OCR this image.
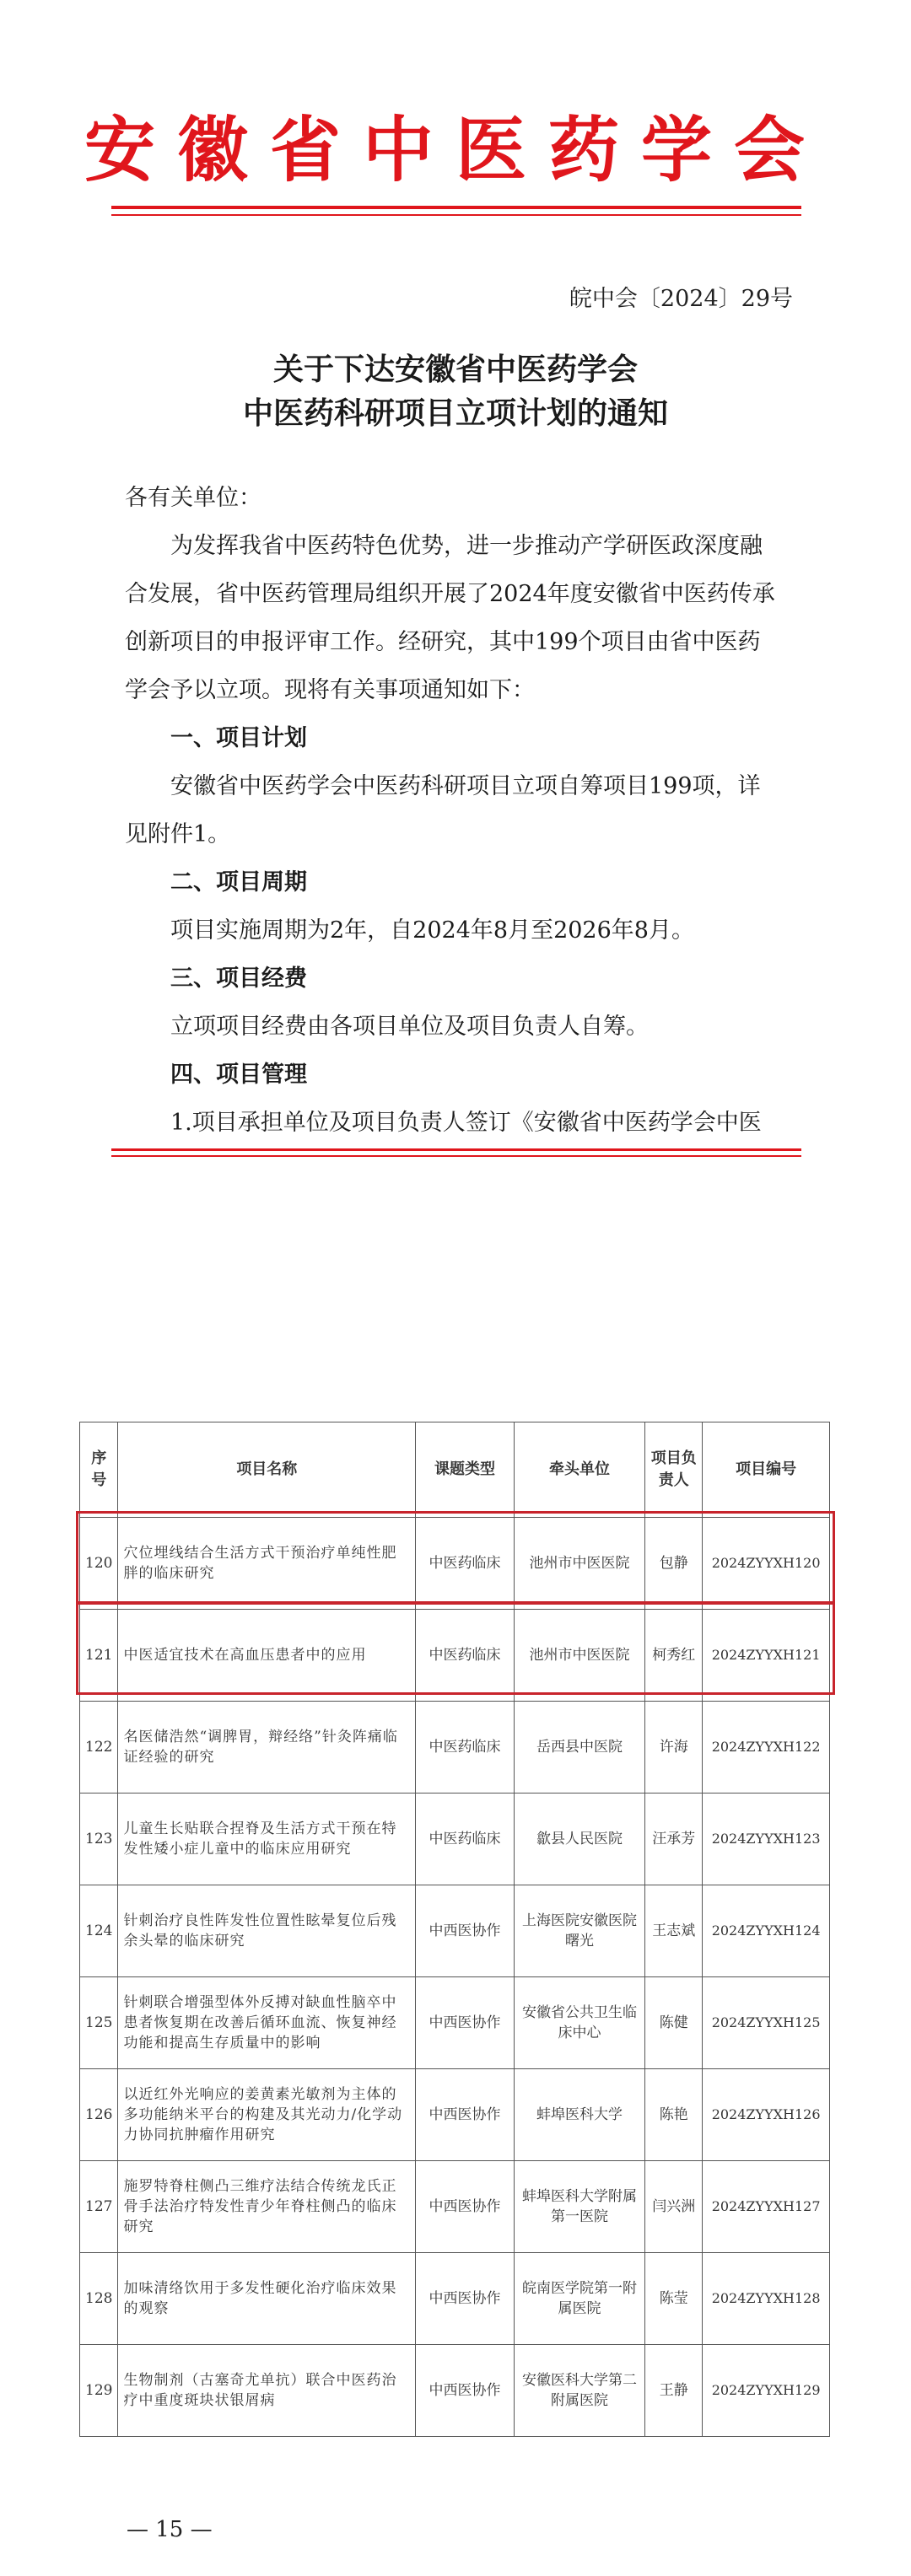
安徽省中医药学会
皖中会〔2024〕29号
关于下达安徽省中医药学会
中医药科研项目立项计划的通知

各有关单位：

为发挥我省中医药特色优势，进一步推动产学研医政深度融

合发展，省中医药管理局组织开展了2024年度安徽省中医药传承

创新项目的申报评审工作。经研究，其中199个项目由省中医药

学会予以立项。现将有关事项通知如下：

一、项目计划

安徽省中医药学会中医药科研项目立项自筹项目199项，详

见附件1。

二、项目周期

项目实施周期为2年，自2024年8月至2026年8月。

三、项目经费

立项项目经费由各项目单位及项目负责人自筹。

四、项目管理

1.项目承担单位及项目负责人签订《安徽省中医药学会中医

序号	项目名称	课题类型	牵头单位	项目负责人	项目编号
120	穴位埋线结合生活方式干预治疗单纯性肥胖的临床研究	中医药临床	池州市中医医院	包静	2024ZYYXH120
121	中医适宜技术在高血压患者中的应用	中医药临床	池州市中医医院	柯秀红	2024ZYYXH121
122	名医储浩然“调脾胃，辩经络”针灸阵痛临证经验的研究	中医药临床	岳西县中医院	许海	2024ZYYXH122
123	儿童生长贴联合捏脊及生活方式干预在特发性矮小症儿童中的临床应用研究	中医药临床	歙县人民医院	汪承芳	2024ZYYXH123
124	针刺治疗良性阵发性位置性眩晕复位后残余头晕的临床研究	中西医协作	上海医院安徽医院曙光	王志斌	2024ZYYXH124
125	针刺联合增强型体外反搏对缺血性脑卒中患者恢复期在改善后循环血流、恢复神经功能和提高生存质量中的影响	中西医协作	安徽省公共卫生临床中心	陈健	2024ZYYXH125
126	以近红外光响应的姜黄素光敏剂为主体的多功能纳米平台的构建及其光动力/化学动力协同抗肿瘤作用研究	中西医协作	蚌埠医科大学	陈艳	2024ZYYXH126
127	施罗特脊柱侧凸三维疗法结合传统龙氏正骨手法治疗特发性青少年脊柱侧凸的临床研究	中西医协作	蚌埠医科大学附属第一医院	闫兴洲	2024ZYYXH127
128	加味清络饮用于多发性硬化治疗临床效果的观察	中西医协作	皖南医学院第一附属医院	陈莹	2024ZYYXH128
129	生物制剂（古塞奇尤单抗）联合中医药治疗中重度斑块状银屑病	中西医协作	安徽医科大学第二附属医院	王静	2024ZYYXH129
— 15 —
